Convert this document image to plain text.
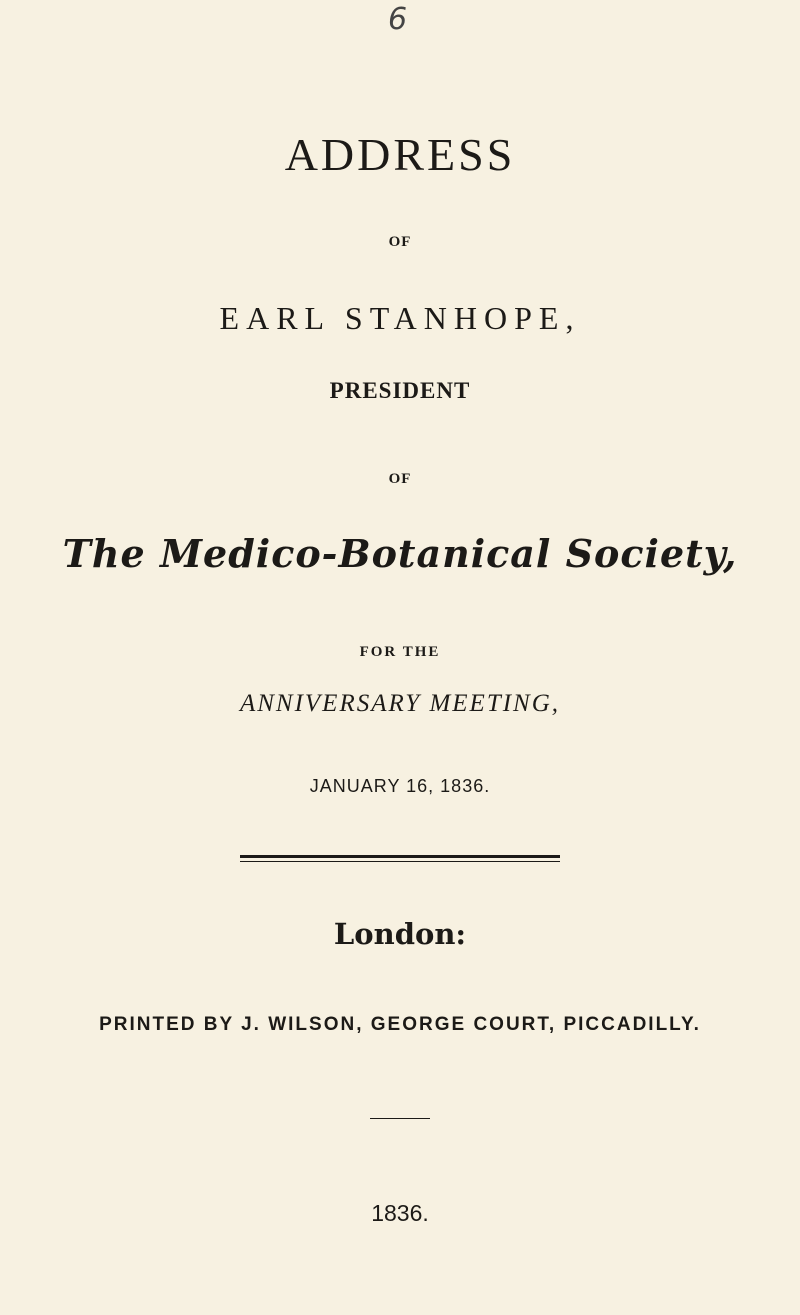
6
ADDRESS
OF
EARL STANHOPE,
PRESIDENT
OF
The Medico-Botanical Society,
FOR THE
ANNIVERSARY MEETING,
JANUARY 16, 1836.
London:
PRINTED BY J. WILSON, GEORGE COURT, PICCADILLY.
1836.
